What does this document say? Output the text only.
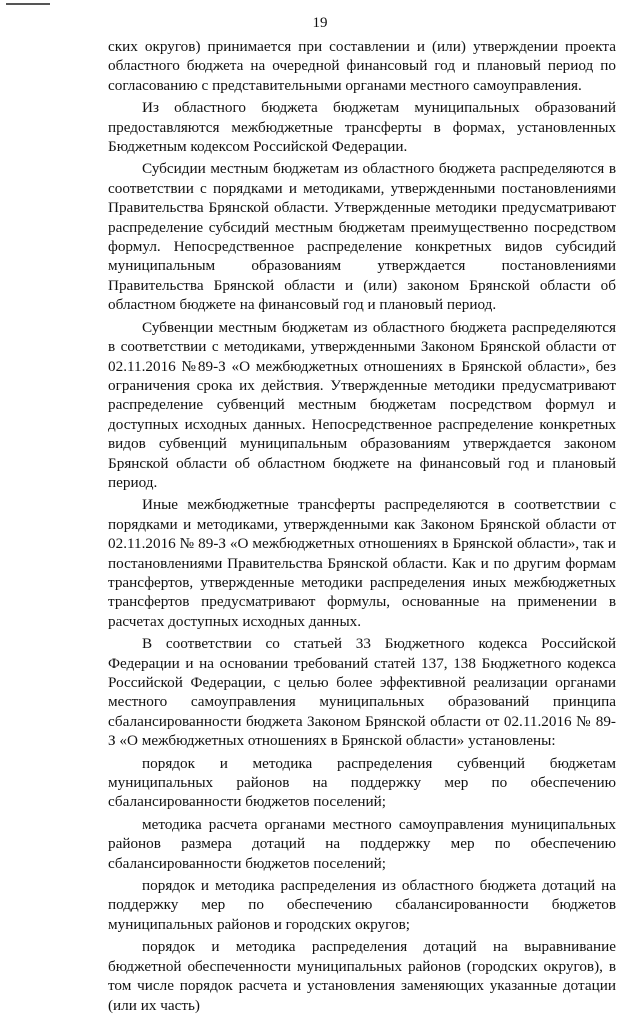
19

ских округов) принимается при составлении и (или) утверждении проекта областного бюджета на очередной финансовый год и плановый период по согласованию с представительными органами местного самоуправления.

Из областного бюджета бюджетам муниципальных образований предоставляются межбюджетные трансферты в формах, установленных Бюджетным кодексом Российской Федерации.

Субсидии местным бюджетам из областного бюджета распределяются в соответствии с порядками и методиками, утвержденными постановлениями Правительства Брянской области. Утвержденные методики предусматривают распределение субсидий местным бюджетам преимущественно посредством формул. Непосредственное распределение конкретных видов субсидий муниципальным образованиям утверждается постановлениями Правительства Брянской области и (или) законом Брянской области об областном бюджете на финансовый год и плановый период.

Субвенции местным бюджетам из областного бюджета распределяются в соответствии с методиками, утвержденными Законом Брянской области от 02.11.2016 №89-З «О межбюджетных отношениях в Брянской области», без ограничения срока их действия. Утвержденные методики предусматривают распределение субвенций местным бюджетам посредством формул и доступных исходных данных. Непосредственное распределение конкретных видов субвенций муниципальным образованиям утверждается законом Брянской области об областном бюджете на финансовый год и плановый период.

Иные межбюджетные трансферты распределяются в соответствии с порядками и методиками, утвержденными как Законом Брянской области от 02.11.2016 № 89-З «О межбюджетных отношениях в Брянской области», так и постановлениями Правительства Брянской области. Как и по другим формам трансфертов, утвержденные методики распределения иных межбюджетных трансфертов предусматривают формулы, основанные на применении в расчетах доступных исходных данных.

В соответствии со статьей 33 Бюджетного кодекса Российской Федерации и на основании требований статей 137, 138 Бюджетного кодекса Российской Федерации, с целью более эффективной реализации органами местного самоуправления муниципальных образований принципа сбалансированности бюджета Законом Брянской области от 02.11.2016 № 89-З «О межбюджетных отношениях в Брянской области» установлены:

порядок и методика распределения субвенций бюджетам муниципальных районов на поддержку мер по обеспечению сбалансированности бюджетов поселений;

методика расчета органами местного самоуправления муниципальных районов размера дотаций на поддержку мер по обеспечению сбалансированности бюджетов поселений;

порядок и методика распределения из областного бюджета дотаций на поддержку мер по обеспечению сбалансированности бюджетов муниципальных районов и городских округов;

порядок и методика распределения дотаций на выравнивание бюджетной обеспеченности муниципальных районов (городских округов), в том числе порядок расчета и установления заменяющих указанные дотации (или их часть)
